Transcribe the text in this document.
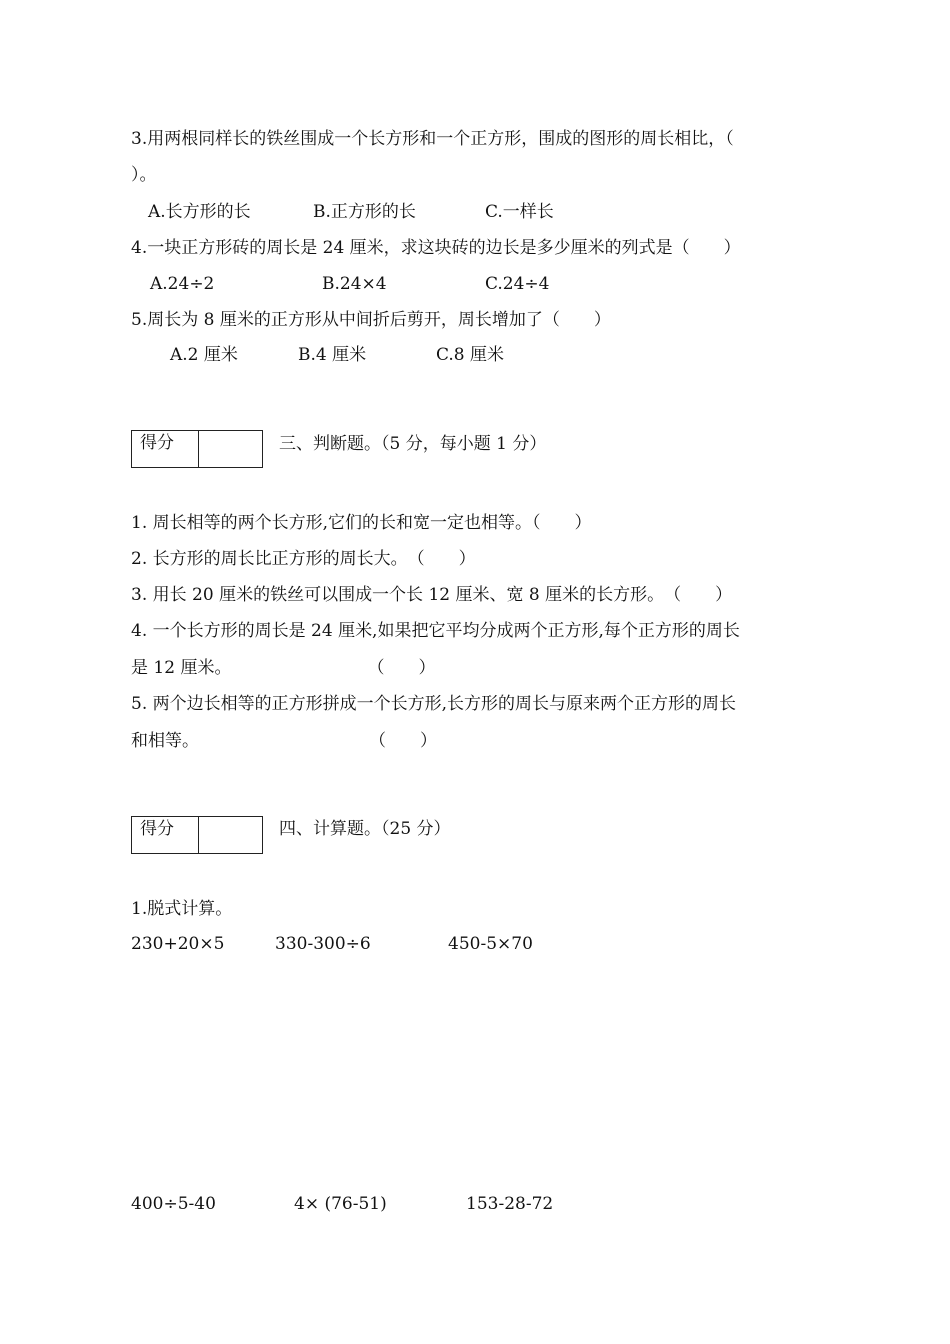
3.用两根同样长的铁丝围成一个长方形和一个正方形，围成的图形的周长相比，（
）。
A.长方形的长	B.正方形的长	C.一样长
4.一块正方形砖的周长是 24 厘米，求这块砖的边长是多少厘米的列式是（　　）
A.24÷2	B.24×4	C.24÷4
5.周长为 8 厘米的正方形从中间折后剪开，周长增加了（　　）
A.2 厘米	B.4 厘米	C.8 厘米
得分	三、判断题。（5 分，每小题 1 分）
1. 周长相等的两个长方形,它们的长和宽一定也相等。（　　）
2. 长方形的周长比正方形的周长大。　（　　）
3. 用长 20 厘米的铁丝可以围成一个长 12 厘米、宽 8 厘米的长方形。　（　　）
4. 一个长方形的周长是 24 厘米,如果把它平均分成两个正方形,每个正方形的周长
是 12 厘米。　　　　　　　　　（　　）
5. 两个边长相等的正方形拼成一个长方形,长方形的周长与原来两个正方形的周长
和相等。　　　　　　　　　　　（　　）
得分	四、计算题。（25 分）
1.脱式计算。
230+20×5	330-300÷6	450-5×70
400÷5-40	4× (76-51)	153-28-72
